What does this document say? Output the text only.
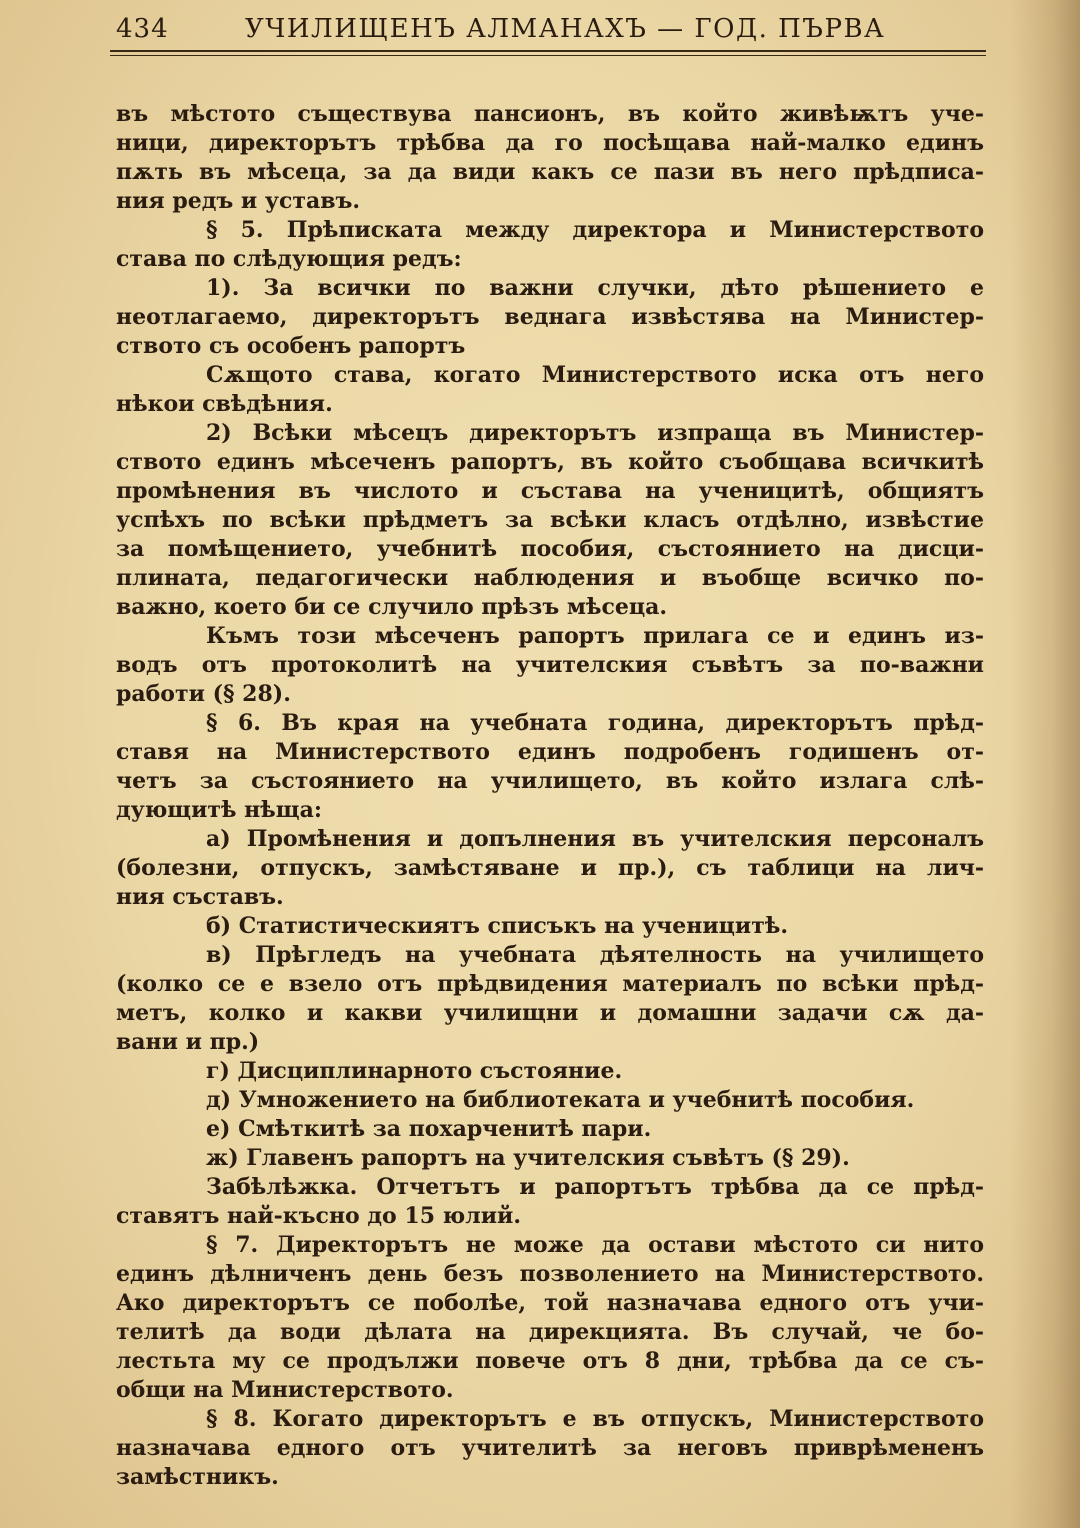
434	УЧИЛИЩЕНЪ АЛМАНАХЪ — ГОД. ПЪРВА
въ мѣстото съществува пансионъ, въ който живѣѭтъ уче-
ници, директорътъ трѣбва да го посѣщава най-малко единъ
пѫть въ мѣсеца, за да види какъ се пази въ него прѣдписа-
ния редъ и уставъ.
§ 5. Прѣписката между директора и Министерството
става по слѣдующия редъ:
1). За всички по важни случки, дѣто рѣшението е
неотлагаемо, директорътъ веднага извѣстява на Министер-
ството съ особенъ рапортъ
Сѫщото става, когато Министерството иска отъ него
нѣкои свѣдѣния.
2) Всѣки мѣсецъ директорътъ изпраща въ Министер-
ството единъ мѣсеченъ рапортъ, въ който съобщава всичкитѣ
промѣнения въ числото и състава на ученицитѣ, общиятъ
успѣхъ по всѣки прѣдметъ за всѣки класъ отдѣлно, извѣстие
за помѣщението, учебнитѣ пособия, състоянието на дисци-
плината, педагогически наблюдения и въобще всичко по-
важно, което би се случило прѣзъ мѣсеца.
Къмъ този мѣсеченъ рапортъ прилага се и единъ из-
водъ отъ протоколитѣ на учителския съвѣтъ за по-важни
работи (§ 28).
§ 6. Въ края на учебната година, директорътъ прѣд-
ставя на Министерството единъ подробенъ годишенъ от-
четъ за състоянието на училището, въ който излага слѣ-
дующитѣ нѣща:
а) Промѣнения и допълнения въ учителския персоналъ
(болезни, отпускъ, замѣстяване и пр.), съ таблици на лич-
ния съставъ.
б) Статистическиятъ списъкъ на ученицитѣ.
в) Прѣгледъ на учебната дѣятелность на училището
(колко се е взело отъ прѣдвидения материалъ по всѣки прѣд-
метъ, колко и какви училищни и домашни задачи сѫ да-
вани и пр.)
г) Дисциплинарното състояние.
д) Умножението на библиотеката и учебнитѣ пособия.
е) Смѣткитѣ за похарченитѣ пари.
ж) Главенъ рапортъ на учителския съвѣтъ (§ 29).
Забѣлѣжка. Отчетътъ и рапортътъ трѣбва да се прѣд-
ставятъ най-късно до 15 юлий.
§ 7. Директорътъ не може да остави мѣстото си нито
единъ дѣлниченъ день безъ позволението на Министерството.
Ако директорътъ се поболѣе, той назначава едного отъ учи-
телитѣ да води дѣлата на дирекцията. Въ случай, че бо-
лестьта му се продължи повече отъ 8 дни, трѣбва да се съ-
общи на Министерството.
§ 8. Когато директорътъ е въ отпускъ, Министерството
назначава едного отъ учителитѣ за неговъ приврѣмененъ
замѣстникъ.
